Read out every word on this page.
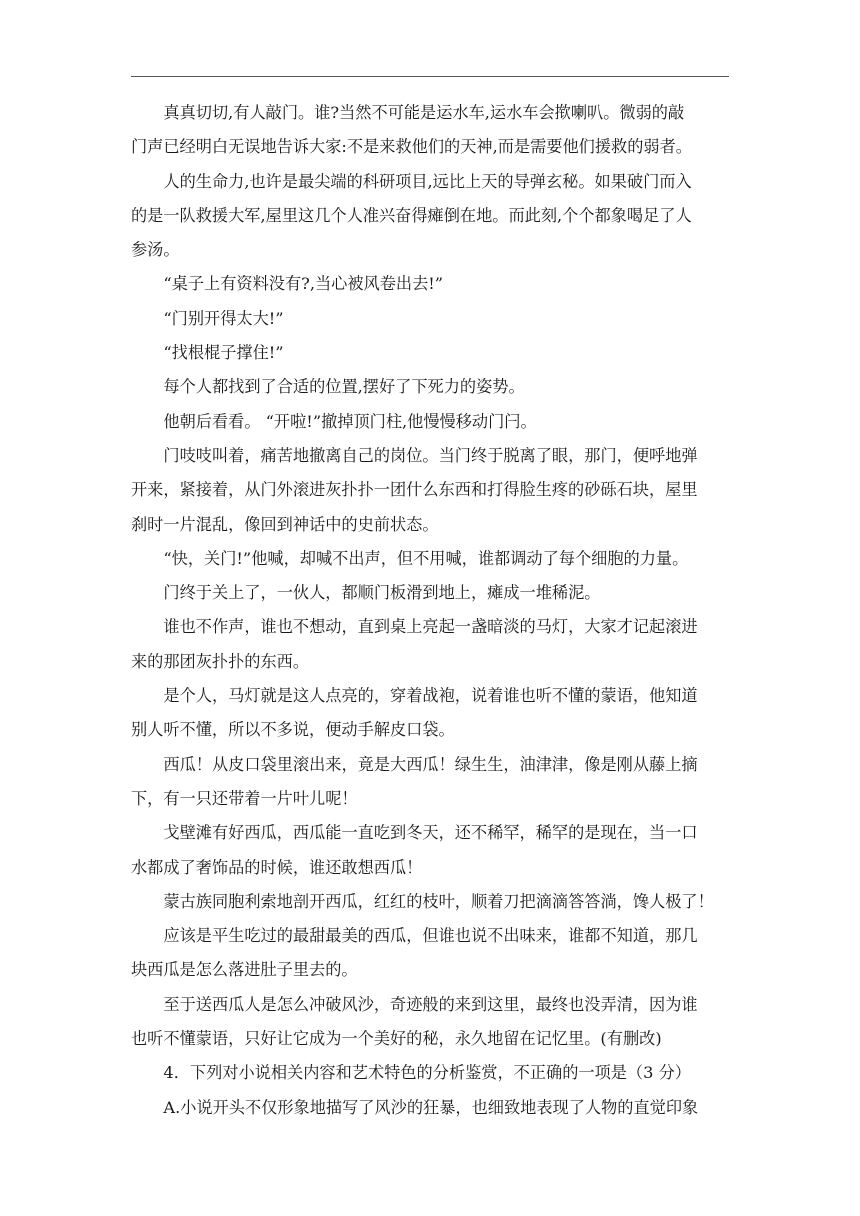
真真切切,有人敲门。谁?当然不可能是运水车,运水车会揿喇叭。微弱的敲
门声已经明白无误地告诉大家:不是来救他们的天神,而是需要他们援救的弱者。

人的生命力,也许是最尖端的科研项目,远比上天的导弹玄秘。如果破门而入
的是一队救援大军,屋里这几个人准兴奋得瘫倒在地。而此刻,个个都象喝足了人
参汤。

“桌子上有资料没有?,当心被风卷出去!”

“门别开得太大!”

“找根棍子撑住!”

每个人都找到了合适的位置,摆好了下死力的姿势。

他朝后看看。 “开啦!”撤掉顶门柱,他慢慢移动门闩。

门吱吱叫着，痛苦地撤离自己的岗位。当门终于脱离了眼，那门，便呼地弹
开来，紧接着，从门外滚进灰扑扑一团什么东西和打得脸生疼的砂砾石块，屋里
刹时一片混乱，像回到神话中的史前状态。

“快，关门!”他喊，却喊不出声，但不用喊，谁都调动了每个细胞的力量。

门终于关上了，一伙人，都顺门板滑到地上，瘫成一堆稀泥。

谁也不作声，谁也不想动，直到桌上亮起一盏暗淡的马灯，大家才记起滚进
来的那团灰扑扑的东西。

是个人，马灯就是这人点亮的，穿着战袍，说着谁也听不懂的蒙语，他知道
别人听不懂，所以不多说，便动手解皮口袋。

西瓜！从皮口袋里滚出来，竟是大西瓜！绿生生，油津津，像是刚从藤上摘
下，有一只还带着一片叶儿呢！

戈壁滩有好西瓜，西瓜能一直吃到冬天，还不稀罕，稀罕的是现在，当一口
水都成了奢饰品的时候，谁还敢想西瓜！

蒙古族同胞利索地剖开西瓜，红红的枝叶，顺着刀把滴滴答答淌，馋人极了！

应该是平生吃过的最甜最美的西瓜，但谁也说不出味来，谁都不知道，那几
块西瓜是怎么落进肚子里去的。

至于送西瓜人是怎么冲破风沙，奇迹般的来到这里，最终也没弄清，因为谁
也听不懂蒙语，只好让它成为一个美好的秘，永久地留在记忆里。(有删改)

4．下列对小说相关内容和艺术特色的分析鉴赏，不正确的一项是（3 分）

A.小说开头不仅形象地描写了风沙的狂暴，也细致地表现了人物的直觉印象
